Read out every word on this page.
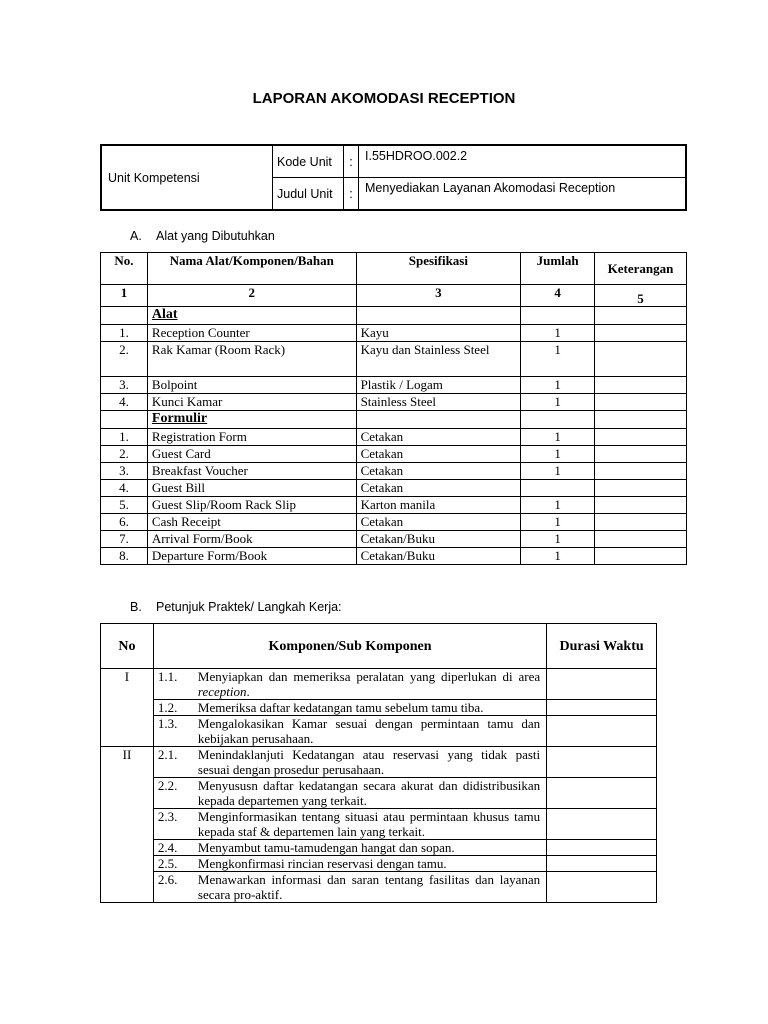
LAPORAN AKOMODASI RECEPTION
Unit Kompetensi	Kode Unit	:	I.55HDROO.002.2
	Judul Unit	:	Menyediakan Layanan Akomodasi Reception
A. Alat yang Dibutuhkan
No.	Nama Alat/Komponen/Bahan	Spesifikasi	Jumlah	Keterangan
1	2	3	4	5
	Alat			
1.	Reception Counter	Kayu	1	
2.	Rak Kamar (Room Rack)	Kayu dan Stainless Steel	1	
3.	Bolpoint	Plastik / Logam	1	
4.	Kunci Kamar	Stainless Steel	1	
	Formulir			
1.	Registration Form	Cetakan	1	
2.	Guest Card	Cetakan	1	
3.	Breakfast Voucher	Cetakan	1	
4.	Guest Bill	Cetakan		
5.	Guest Slip/Room Rack Slip	Karton manila	1	
6.	Cash Receipt	Cetakan	1	
7.	Arrival Form/Book	Cetakan/Buku	1	
8.	Departure Form/Book	Cetakan/Buku	1	
B. Petunjuk Praktek/ Langkah Kerja:
No	Komponen/Sub Komponen	Durasi Waktu
I	1.1. Menyiapkan dan memeriksa peralatan yang diperlukan di area reception.	

	1.2. Memeriksa daftar kedatangan tamu sebelum tamu tiba.	

	1.3. Mengalokasikan Kamar sesuai dengan permintaan tamu dan kebijakan perusahaan.	

II	2.1. Menindaklanjuti Kedatangan atau reservasi yang tidak pasti sesuai dengan prosedur perusahaan.	

	2.2. Menyususn daftar kedatangan secara akurat dan didistribusikan kepada departemen yang terkait.	

	2.3. Menginformasikan tentang situasi atau permintaan khusus tamu kepada staf & departemen lain yang terkait.	

	2.4. Menyambut tamu-tamudengan hangat dan sopan.	

	2.5. Mengkonfirmasi rincian reservasi dengan tamu.	

	2.6. Menawarkan informasi dan saran tentang fasilitas dan layanan secara pro-aktif.	
